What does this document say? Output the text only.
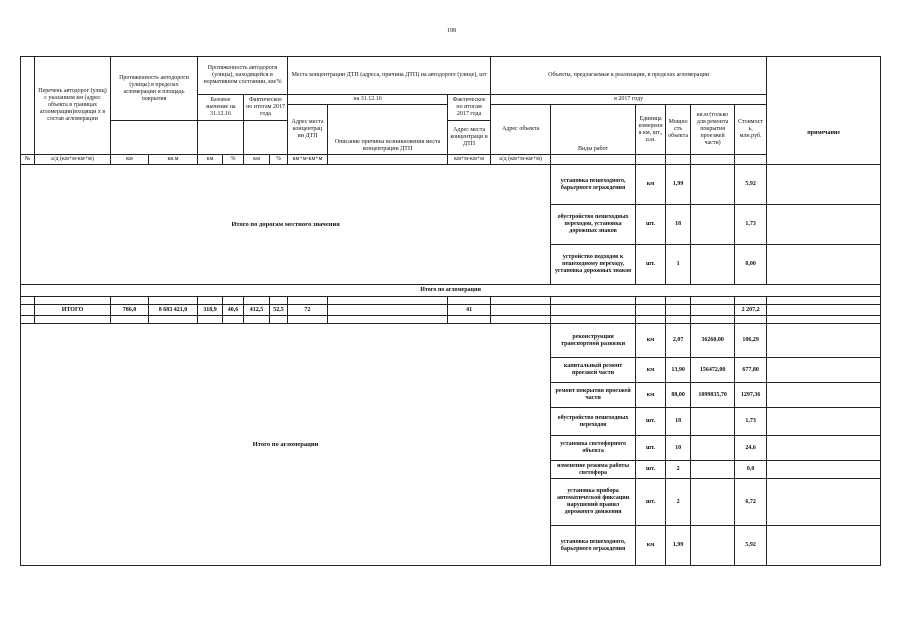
198
	Перечень автодорог (улиц) с указанием км (адрес объекта в границах агломерации)входящи х в состав агломерации	Протяженность автодороги (улицы) в пределах агломерации и площадь покрытия		Протяженность автодороги (улицы), находящейся в нормативном состоянии, км/%				Места концентрации ДТП (адреса, причина ДТП) на автодороге (улице), шт			Объекты, предлагаемые к реализации, в пределах агломерации						примечание
				Базовое значение на 31.12.16		Фактическое по итогам 2017 года		на 31.12.16		Фактическое по итогам 2017 года	в 2017 году						
								Адрес места концентрац ии ДТП	Описание причины возникновения места концентрации ДТП		Адрес объекта	Виды работ	Единица измерени я км, шт., п.м.	Мощно сть объекта	кв.м (только для ремонта покрытия проезжей части)	Стоимост ь, млн.руб.	
			Адрес места концентраци и ДТП							
№	а/д (км+м-км+м)	км	кв.м	км	%	км	%	км+м-км+м		км+м-км+м	а/д (км+м-км+м)						
Итого по дорогам местного значения												установка пешеходного, барьерного ограждения	км	1,99		5,92	
												обустройство пешеходных переходов, установка дорожных знаков	шт.	18		1,73	
												устройство подходов к пешеходному переходу, установка дорожных знаков	шт.	1		0,00	
Итого по агломерации																	

	ИТОГО	786,0	8 683 421,0	318,9	40,6	412,5	52,5	72		41						2 207,2	

Итого по агломерации												реконструкция транспортной развязки	км	2,07	36260,00	186,29	
												капитальный ремонт проезжей части	км	13,90	156472,00	677,80	
												ремонт покрытия проезжей части	км	88,00	1099835,70	1297,36	
												обустройство пешеходных переходов	шт.	18		1,73	
												установка светофорного объекта	шт.	10		24,6	
												изменение режима работы светофора	шт.	2		0,0	
												установка прибора автоматической фиксации нарушений правил дорожного движения	шт.	2		6,72	
												установка пешеходного, барьерного ограждения	км	1,99		5,92	
